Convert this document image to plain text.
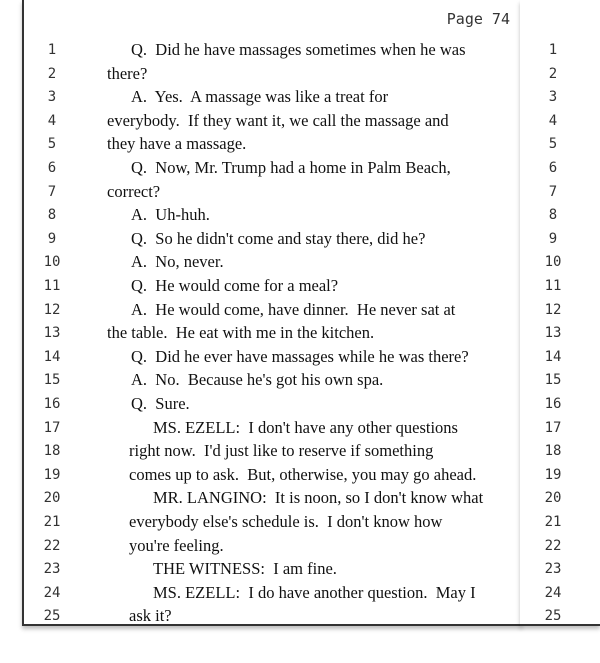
Page 74
1	Q.  Did he have massages sometimes when he was	1
2	there?	2
3	A.  Yes.  A massage was like a treat for	3
4	everybody.  If they want it, we call the massage and	4
5	they have a massage.	5
6	Q.  Now, Mr. Trump had a home in Palm Beach,	6
7	correct?	7
8	A.  Uh-huh.	8
9	Q.  So he didn't come and stay there, did he?	9
10	A.  No, never.	10
11	Q.  He would come for a meal?	11
12	A.  He would come, have dinner.  He never sat at	12
13	the table.  He eat with me in the kitchen.	13
14	Q.  Did he ever have massages while he was there?	14
15	A.  No.  Because he's got his own spa.	15
16	Q.  Sure.	16
17	MS. EZELL:  I don't have any other questions	17
18	right now.  I'd just like to reserve if something	18
19	comes up to ask.  But, otherwise, you may go ahead.	19
20	MR. LANGINO:  It is noon, so I don't know what	20
21	everybody else's schedule is.  I don't know how	21
22	you're feeling.	22
23	THE WITNESS:  I am fine.	23
24	MS. EZELL:  I do have another question.  May I	24
25	ask it?	25
